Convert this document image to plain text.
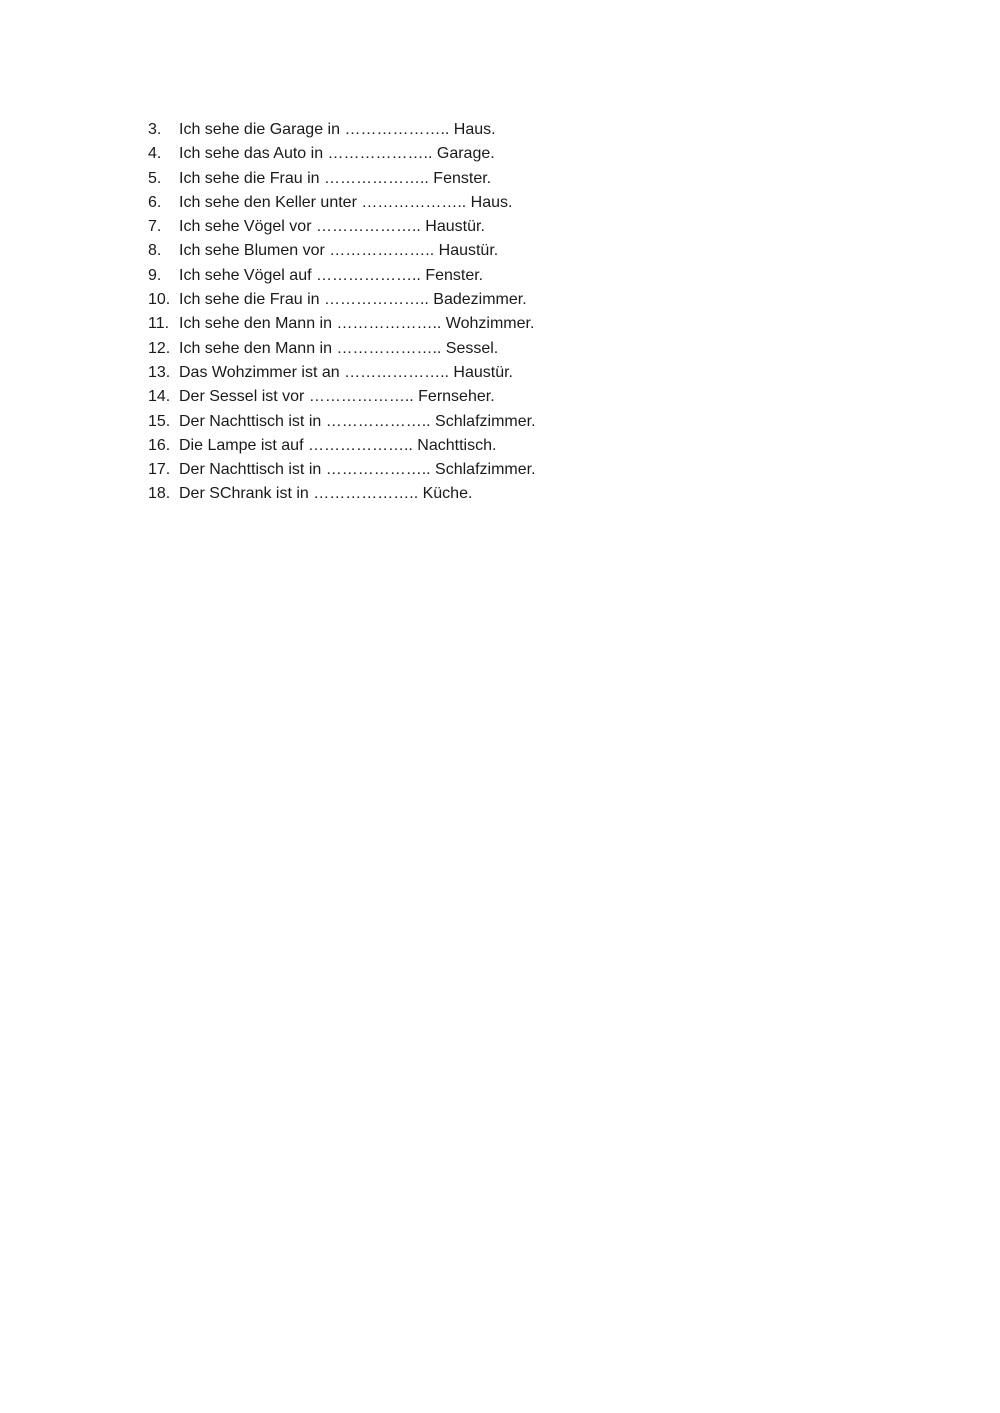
3. Ich sehe die Garage in ……………….. Haus.
4. Ich sehe das Auto in ……………….. Garage.
5. Ich sehe die Frau in ……………….. Fenster.
6. Ich sehe den Keller unter ……………….. Haus.
7. Ich sehe Vögel vor ……………….. Haustür.
8. Ich sehe Blumen vor ……………….. Haustür.
9. Ich sehe Vögel auf ……………….. Fenster.
10. Ich sehe die Frau in ……………….. Badezimmer.
11. Ich sehe den Mann in ……………….. Wohzimmer.
12. Ich sehe den Mann in ……………….. Sessel.
13. Das Wohzimmer ist an ……………….. Haustür.
14. Der Sessel ist vor ……………….. Fernseher.
15. Der Nachttisch ist in ……………….. Schlafzimmer.
16. Die Lampe ist auf ……………….. Nachttisch.
17. Der Nachttisch ist in ……………….. Schlafzimmer.
18. Der SChrank ist in ……………….. Küche.
